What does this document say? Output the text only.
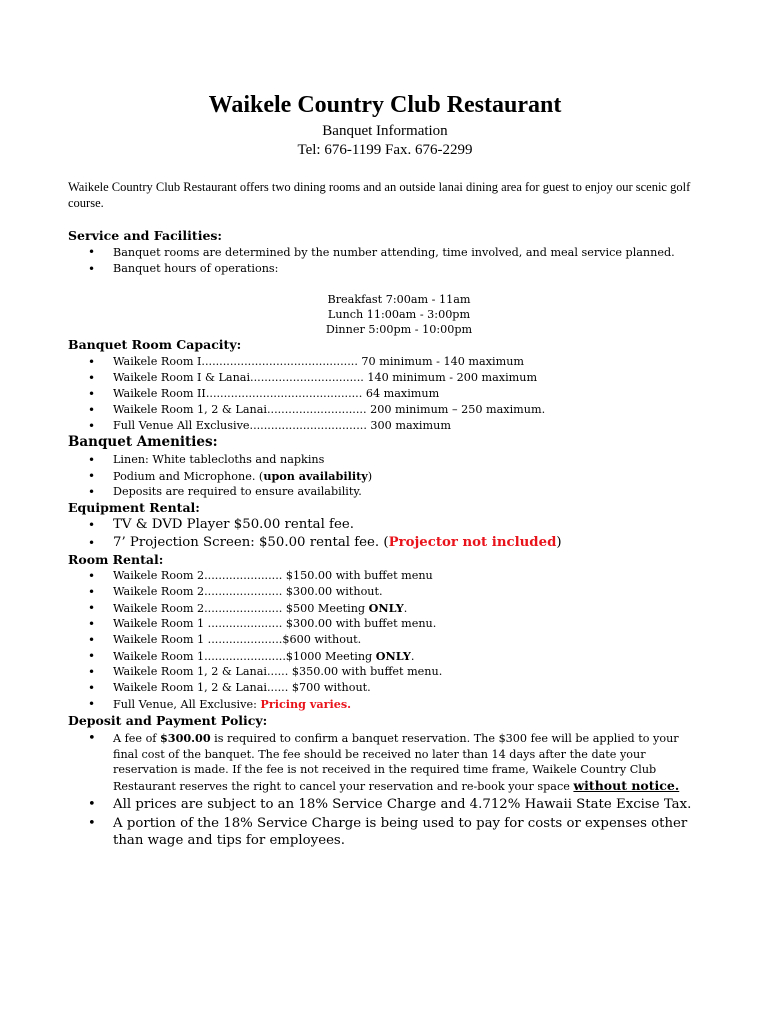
Waikele Country Club Restaurant
Banquet Information
Tel: 676-1199 Fax. 676-2299
Waikele Country Club Restaurant offers two dining rooms and an outside lanai dining area for guest to enjoy our scenic golf course.
Service and Facilities:
• Banquet rooms are determined by the number attending, time involved, and meal service planned.
• Banquet hours of operations:
Breakfast 7:00am - 11am
Lunch 11:00am - 3:00pm
Dinner 5:00pm - 10:00pm
Banquet Room Capacity:
• Waikele Room I............................................ 70 minimum - 140 maximum
• Waikele Room I & Lanai................................ 140 minimum - 200 maximum
• Waikele Room II............................................ 64 maximum
• Waikele Room 1, 2 & Lanai............................ 200 minimum – 250 maximum.
• Full Venue All Exclusive................................. 300 maximum
Banquet Amenities:
• Linen: White tablecloths and napkins
• Podium and Microphone. (upon availability)
• Deposits are required to ensure availability.
Equipment Rental:
• TV & DVD Player $50.00 rental fee.
• 7’ Projection Screen: $50.00 rental fee. (Projector not included)
Room Rental:
• Waikele Room 2...................... $150.00 with buffet menu
• Waikele Room 2...................... $300.00 without.
• Waikele Room 2...................... $500 Meeting ONLY.
• Waikele Room 1 ..................... $300.00 with buffet menu.
• Waikele Room 1 .....................$600 without.
• Waikele Room 1.......................$1000 Meeting ONLY.
• Waikele Room 1, 2 & Lanai...... $350.00 with buffet menu.
• Waikele Room 1, 2 & Lanai...... $700 without.
• Full Venue, All Exclusive: Pricing varies.
Deposit and Payment Policy:
• A fee of $300.00 is required to confirm a banquet reservation. The $300 fee will be applied to your final cost of the banquet. The fee should be received no later than 14 days after the date your reservation is made. If the fee is not received in the required time frame, Waikele Country Club Restaurant reserves the right to cancel your reservation and re-book your space without notice.
• All prices are subject to an 18% Service Charge and 4.712% Hawaii State Excise Tax.
• A portion of the 18% Service Charge is being used to pay for costs or expenses other than wage and tips for employees.
